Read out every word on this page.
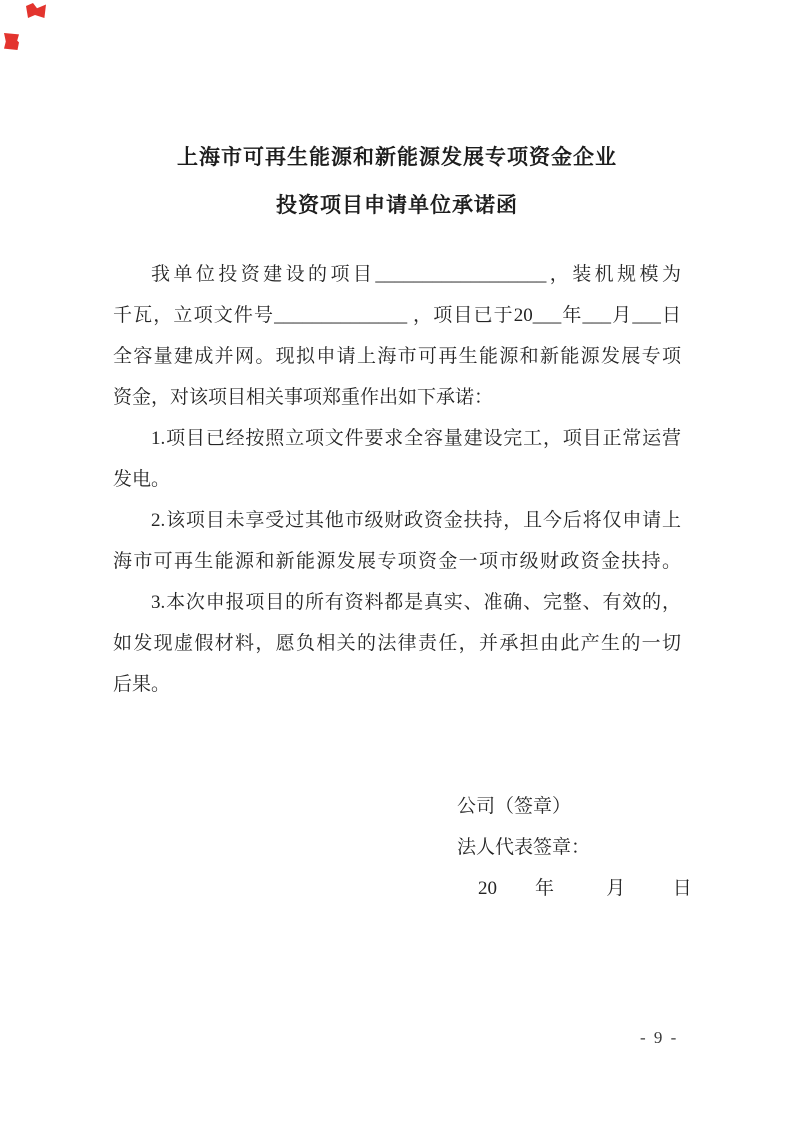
上海市可再生能源和新能源发展专项资金企业
投资项目申请单位承诺函
我单位投资建设的项目__________________，装机规模为
千瓦，立项文件号______________ ，项目已于20___年___月___日
全容量建成并网。现拟申请上海市可再生能源和新能源发展专项
资金，对该项目相关事项郑重作出如下承诺：
1.项目已经按照立项文件要求全容量建设完工，项目正常运营
发电。
2.该项目未享受过其他市级财政资金扶持，且今后将仅申请上
海市可再生能源和新能源发展专项资金一项市级财政资金扶持。
3.本次申报项目的所有资料都是真实、准确、完整、有效的，
如发现虚假材料，愿负相关的法律责任，并承担由此产生的一切
后果。
公司（签章）
法人代表签章：
20        年           月          日
- 9 -
